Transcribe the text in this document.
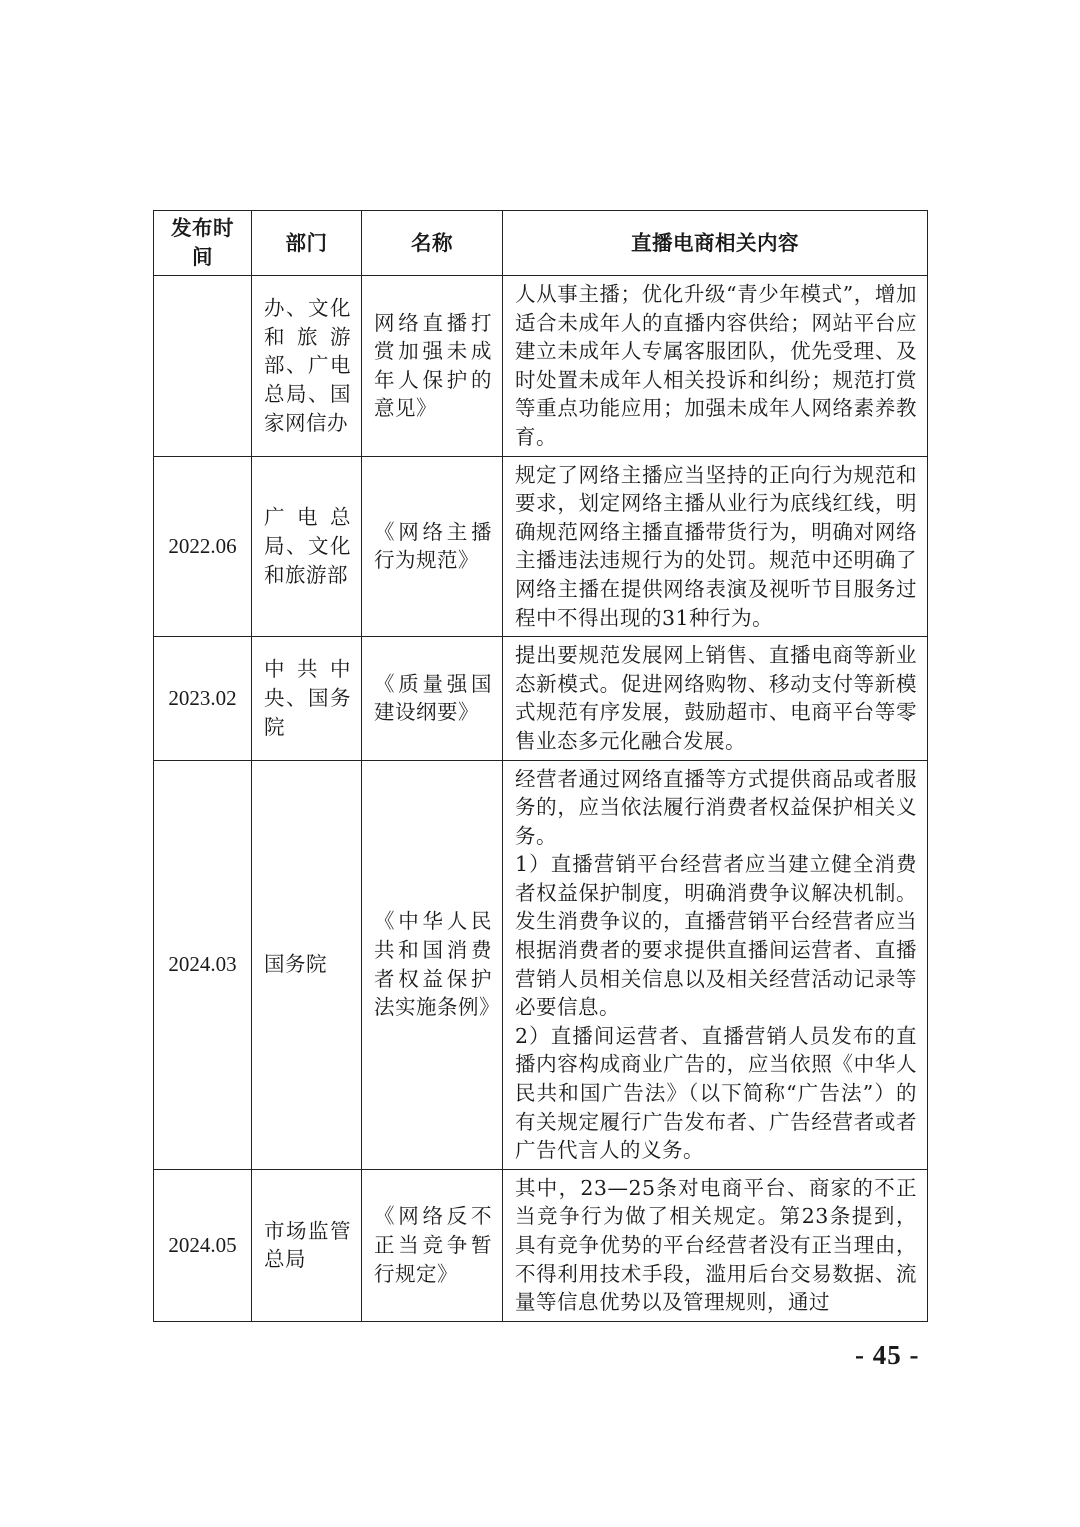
发布时间	部门	名称	直播电商相关内容
	办、文化和旅游部、广电总局、国家网信办	网络直播打赏加强未成年人保护的意见》	人从事主播；优化升级“青少年模式”，增加适合未成年人的直播内容供给；网站平台应建立未成年人专属客服团队，优先受理、及时处置未成年人相关投诉和纠纷；规范打赏等重点功能应用；加强未成年人网络素养教育。

2022.06	广电总局、文化和旅游部	《网络主播行为规范》	规定了网络主播应当坚持的正向行为规范和要求，划定网络主播从业行为底线红线，明确规范网络主播直播带货行为，明确对网络主播违法违规行为的处罚。规范中还明确了网络主播在提供网络表演及视听节目服务过程中不得出现的31种行为。

2023.02	中共中央、国务院	《质量强国建设纲要》	提出要规范发展网上销售、直播电商等新业态新模式。促进网络购物、移动支付等新模式规范有序发展，鼓励超市、电商平台等零售业态多元化融合发展。

2024.03	国务院	《中华人民共和国消费者权益保护法实施条例》	经营者通过网络直播等方式提供商品或者服务的，应当依法履行消费者权益保护相关义务。
1）直播营销平台经营者应当建立健全消费者权益保护制度，明确消费争议解决机制。发生消费争议的，直播营销平台经营者应当根据消费者的要求提供直播间运营者、直播营销人员相关信息以及相关经营活动记录等必要信息。
2）直播间运营者、直播营销人员发布的直播内容构成商业广告的，应当依照《中华人民共和国广告法》（以下简称“广告法”）的有关规定履行广告发布者、广告经营者或者广告代言人的义务。

2024.05	市场监管总局	《网络反不正当竞争暂行规定》	其中，23—25条对电商平台、商家的不正当竞争行为做了相关规定。第23条提到，具有竞争优势的平台经营者没有正当理由，不得利用技术手段，滥用后台交易数据、流量等信息优势以及管理规则，通过
- 45 -
